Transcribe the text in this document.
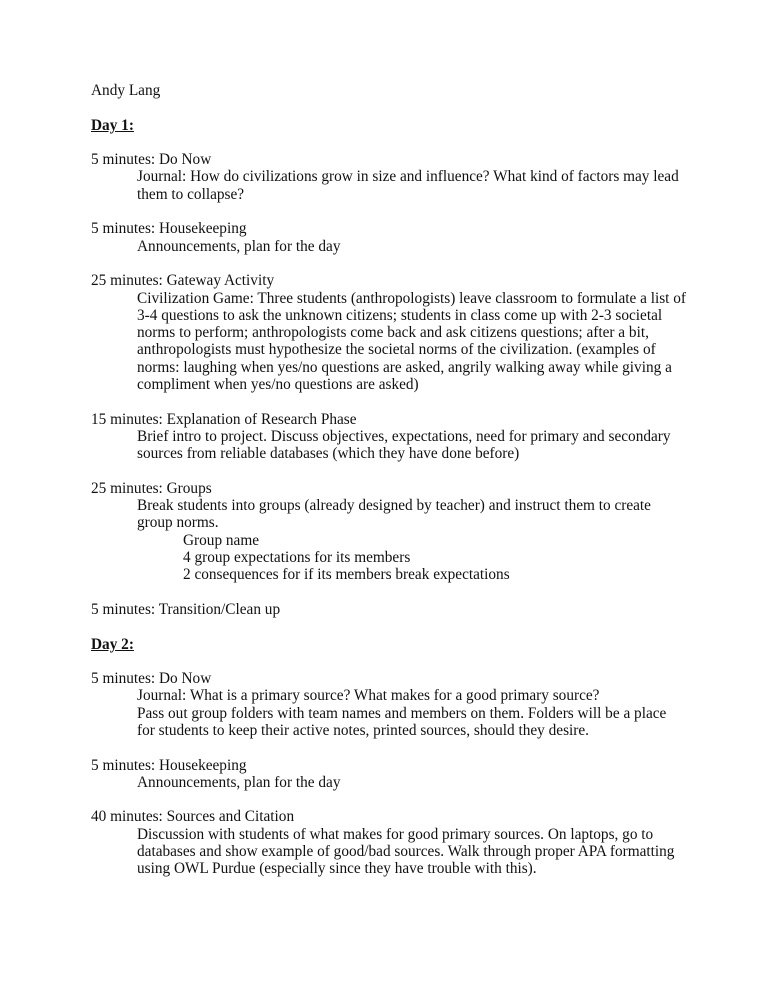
Andy Lang
Day 1:
5 minutes: Do Now
Journal: How do civilizations grow in size and influence? What kind of factors may lead
them to collapse?
5 minutes: Housekeeping
Announcements, plan for the day
25 minutes: Gateway Activity
Civilization Game: Three students (anthropologists) leave classroom to formulate a list of
3-4 questions to ask the unknown citizens; students in class come up with 2-3 societal
norms to perform; anthropologists come back and ask citizens questions; after a bit,
anthropologists must hypothesize the societal norms of the civilization. (examples of
norms: laughing when yes/no questions are asked, angrily walking away while giving a
compliment when yes/no questions are asked)
15 minutes: Explanation of Research Phase
Brief intro to project. Discuss objectives, expectations, need for primary and secondary
sources from reliable databases (which they have done before)
25 minutes: Groups
Break students into groups (already designed by teacher) and instruct them to create
group norms.
Group name
4 group expectations for its members
2 consequences for if its members break expectations
5 minutes: Transition/Clean up
Day 2:
5 minutes: Do Now
Journal: What is a primary source? What makes for a good primary source?
Pass out group folders with team names and members on them. Folders will be a place
for students to keep their active notes, printed sources, should they desire.
5 minutes: Housekeeping
Announcements, plan for the day
40 minutes: Sources and Citation
Discussion with students of what makes for good primary sources. On laptops, go to
databases and show example of good/bad sources. Walk through proper APA formatting
using OWL Purdue (especially since they have trouble with this).
